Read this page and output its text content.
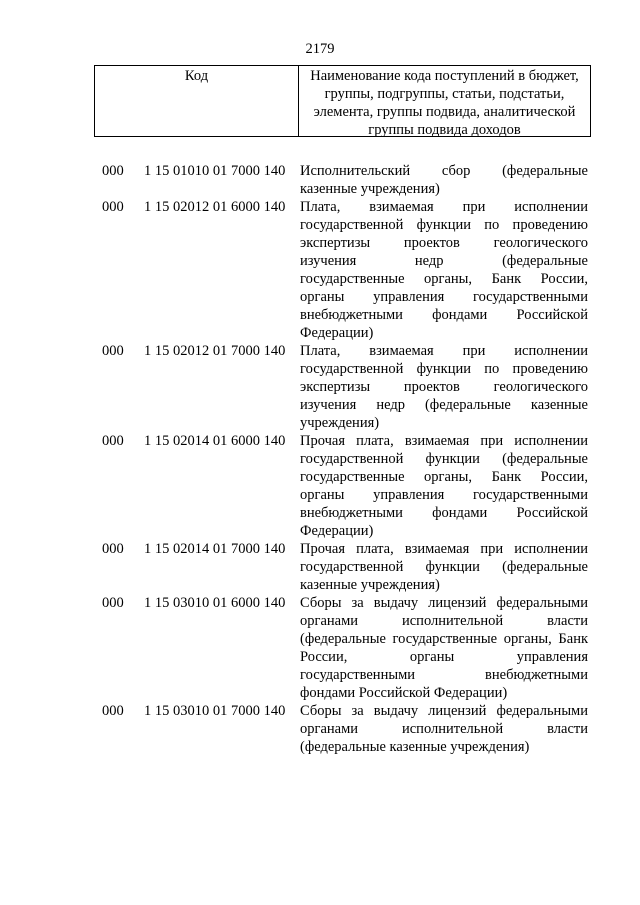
2179
Код	Наименование кода поступлений в бюджет, группы, подгруппы, статьи, подстатьи, элемента, группы подвида, аналитической группы подвида доходов
000 1 15 01010 01 7000 140 Исполнительский сбор (федеральные
казенные учреждения)
000 1 15 02012 01 6000 140 Плата, взимаемая при исполнении
государственной функции по проведению
экспертизы проектов геологического
изучения недр (федеральные
государственные органы, Банк России,
органы управления государственными
внебюджетными фондами Российской
Федерации)
000 1 15 02012 01 7000 140 Плата, взимаемая при исполнении
государственной функции по проведению
экспертизы проектов геологического
изучения недр (федеральные казенные
учреждения)
000 1 15 02014 01 6000 140 Прочая плата, взимаемая при исполнении
государственной функции (федеральные
государственные органы, Банк России,
органы управления государственными
внебюджетными фондами Российской
Федерации)
000 1 15 02014 01 7000 140 Прочая плата, взимаемая при исполнении
государственной функции (федеральные
казенные учреждения)
000 1 15 03010 01 6000 140 Сборы за выдачу лицензий федеральными
органами исполнительной власти
(федеральные государственные органы, Банк
России, органы управления
государственными внебюджетными
фондами Российской Федерации)
000 1 15 03010 01 7000 140 Сборы за выдачу лицензий федеральными
органами исполнительной власти
(федеральные казенные учреждения)
